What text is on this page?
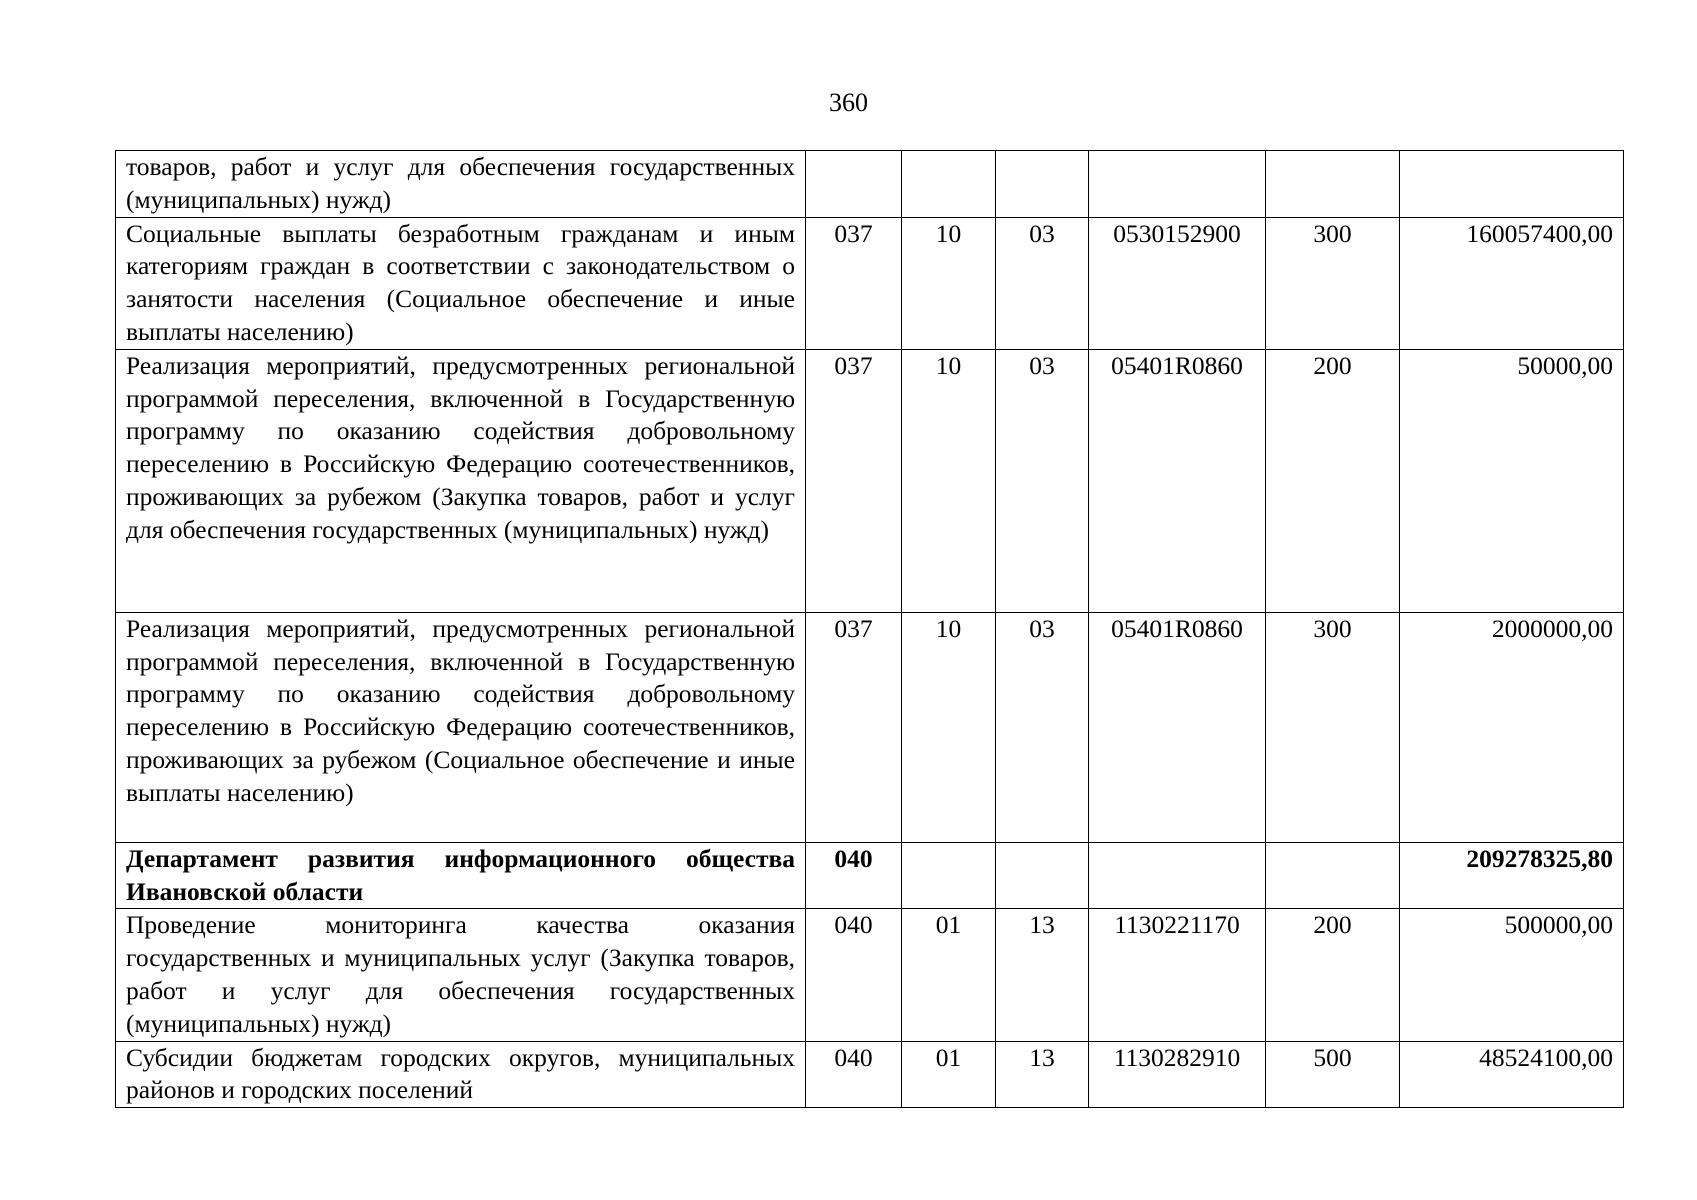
360
товаров, работ и услуг для обеспечения государственных (муниципальных) нужд)						
Социальные выплаты безработным гражданам и иным категориям граждан в соответствии с законодательством о занятости населения (Социальное обеспечение и иные выплаты населению)	037	10	03	0530152900	300	160057400,00
Реализация мероприятий, предусмотренных региональной программой переселения, включенной в Государственную программу по оказанию содействия добровольному переселению в Российскую Федерацию соотечественников, проживающих за рубежом (Закупка товаров, работ и услуг для обеспечения государственных (муниципальных) нужд)	037	10	03	05401R0860	200	50000,00
Реализация мероприятий, предусмотренных региональной программой переселения, включенной в Государственную программу по оказанию содействия добровольному переселению в Российскую Федерацию соотечественников, проживающих за рубежом (Социальное обеспечение и иные выплаты населению)	037	10	03	05401R0860	300	2000000,00
Департамент развития информационного общества Ивановской области	040					209278325,80
Проведение мониторинга качества оказания государственных и муниципальных услуг (Закупка товаров, работ и услуг для обеспечения государственных (муниципальных) нужд)	040	01	13	1130221170	200	500000,00
Субсидии бюджетам городских округов, муниципальных районов и городских поселений	040	01	13	1130282910	500	48524100,00
